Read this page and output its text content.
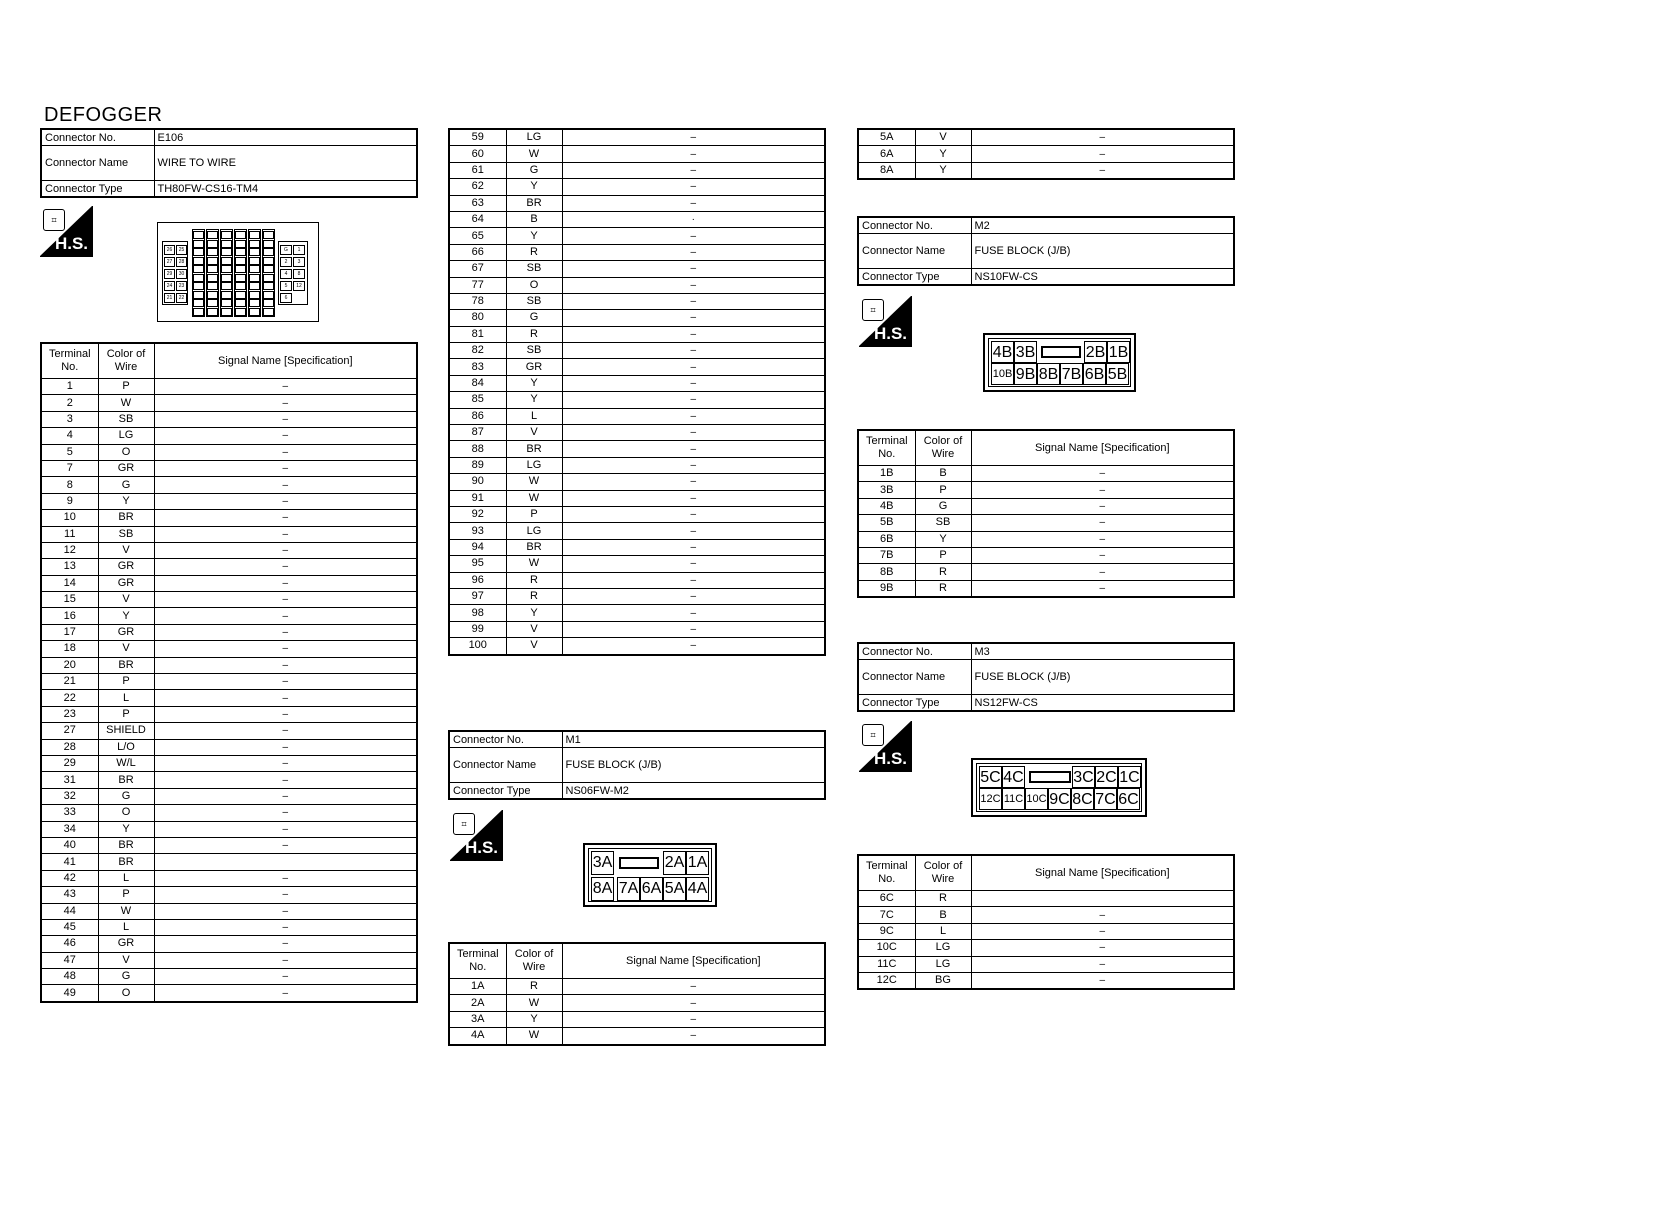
DEFOGGER
Connector No.	E106
Connector Name	WIRE TO WIRE
Connector Type	TH80FW-CS16-TM4
⌗
H.S.	26	25
27	28
29	30
24	23
21	22
G	1
2	3
4	8
5	12
6
Terminal No.	Color of Wire	Signal Name [Specification]
1	P	–
2	W	–
3	SB	–
4	LG	–
5	O	–
7	GR	–
8	G	–
9	Y	–
10	BR	–
11	SB	–
12	V	–
13	GR	–
14	GR	–
15	V	–
16	Y	–
17	GR	–
18	V	–
20	BR	–
21	P	–
22	L	–
23	P	–
27	SHIELD	–
28	L/O	–
29	W/L	–
31	BR	–
32	G	–
33	O	–
34	Y	–
40	BR	–
41	BR	
42	L	–
43	P	–
44	W	–
45	L	–
46	GR	–
47	V	–
48	G	–
49	O	–
59	LG	–
60	W	–
61	G	–
62	Y	–
63	BR	–
64	B	·
65	Y	–
66	R	–
67	SB	–
77	O	–
78	SB	–
80	G	–
81	R	–
82	SB	–
83	GR	–
84	Y	–
85	Y	–
86	L	–
87	V	–
88	BR	–
89	LG	–
90	W	–
91	W	–
92	P	–
93	LG	–
94	BR	–
95	W	–
96	R	–
97	R	–
98	Y	–
99	V	–
100	V	–
Connector No.	M1
Connector Name	FUSE BLOCK (J/B)
Connector Type	NS06FW-M2
⌗
H.S.
3A	2A 1A
8A 7A 6A 5A 4A
Terminal No.	Color of Wire	Signal Name [Specification]
1A	R	–
2A	W	–
3A	Y	–
4A	W	–
5A	V	–
6A	Y	–
8A	Y	–
Connector No.	M2
Connector Name	FUSE BLOCK (J/B)
Connector Type	NS10FW-CS
⌗
H.S.
4B 3B	2B 1B
10B 9B 8B 7B 6B 5B
Terminal No.	Color of Wire	Signal Name [Specification]
1B	B	–
3B	P	–
4B	G	–
5B	SB	–
6B	Y	–
7B	P	–
8B	R	–
9B	R	–
Connector No.	M3
Connector Name	FUSE BLOCK (J/B)
Connector Type	NS12FW-CS
⌗
H.S.
5C 4C	3C 2C 1C
12C 11C 10C 9C 8C 7C 6C
Terminal No.	Color of Wire	Signal Name [Specification]
6C	R	
7C	B	–
9C	L	–
10C	LG	–
11C	LG	–
12C	BG	–
